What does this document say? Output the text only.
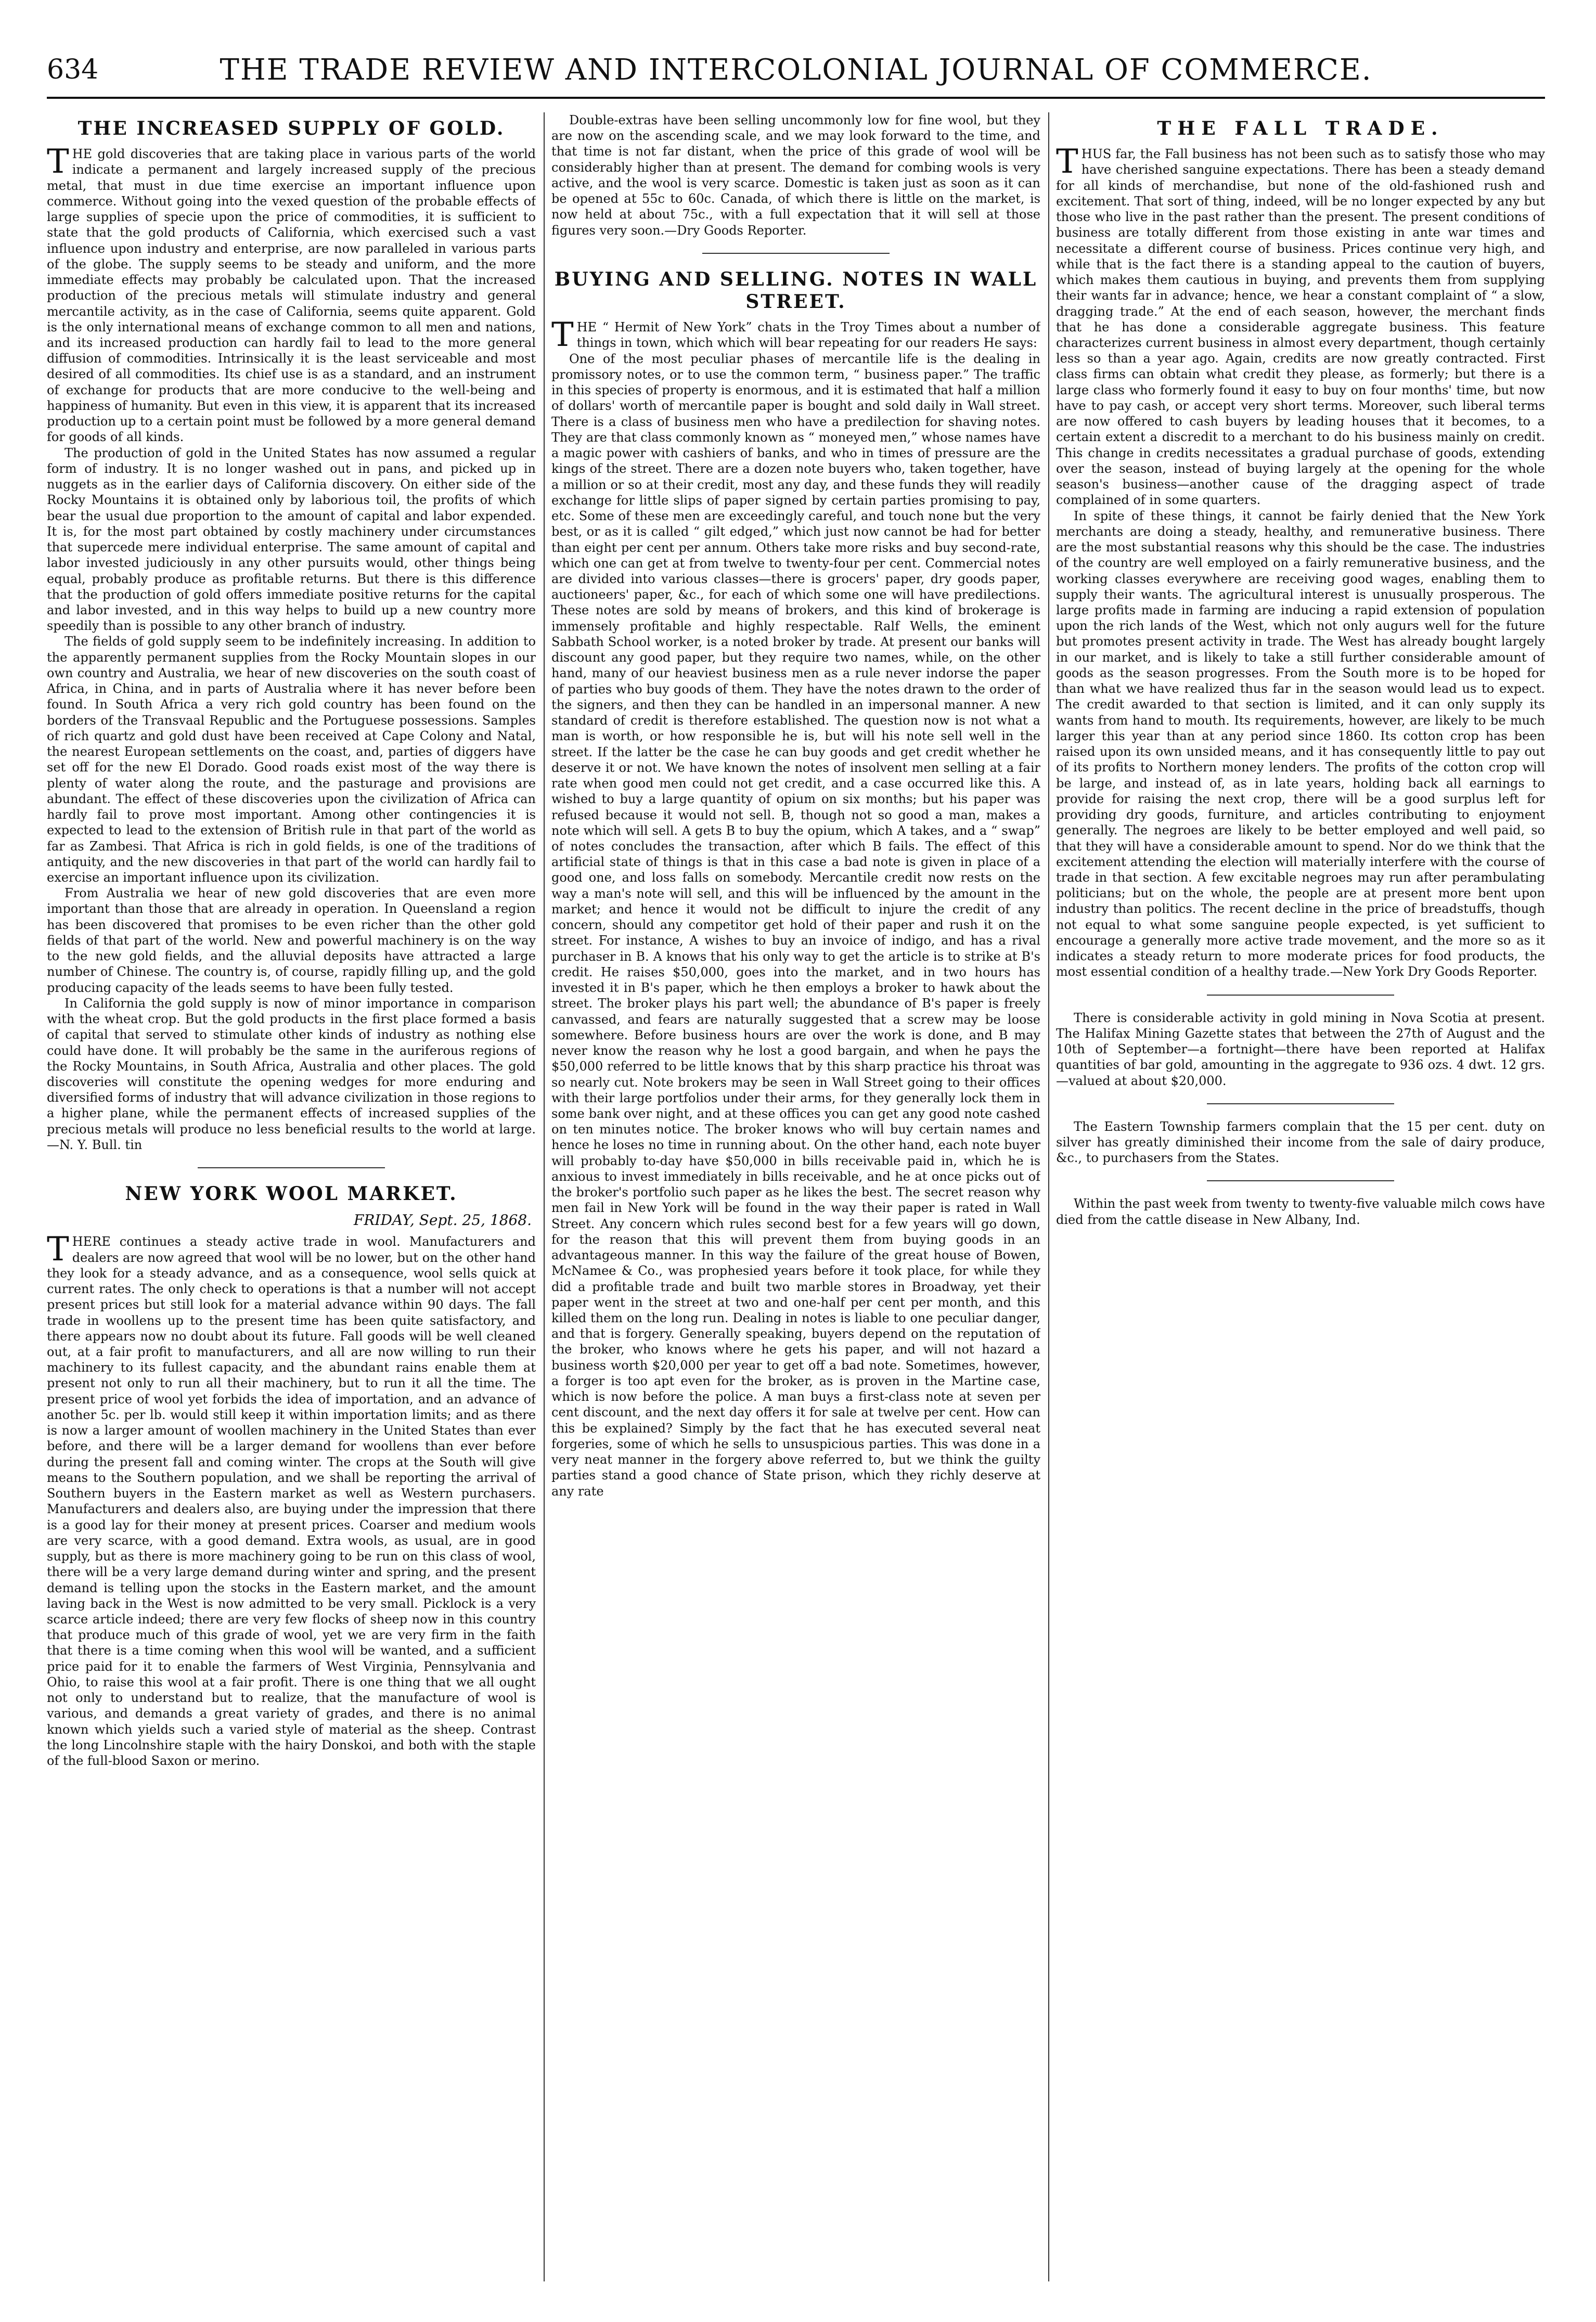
634	THE TRADE REVIEW AND INTERCOLONIAL JOURNAL OF COMMERCE.
THE INCREASED SUPPLY OF GOLD.

THE gold discoveries that are taking place in various parts of the world indicate a permanent and largely increased supply of the precious metal, that must in due time exercise an important influence upon commerce. Without going into the vexed question of the probable effects of large supplies of specie upon the price of commodities, it is sufficient to state that the gold products of California, which exercised such a vast influence upon industry and enterprise, are now paralleled in various parts of the globe. The supply seems to be steady and uniform, and the more immediate effects may probably be calculated upon. That the increased production of the precious metals will stimulate industry and general mercantile activity, as in the case of California, seems quite apparent. Gold is the only international means of exchange common to all men and nations, and its increased production can hardly fail to lead to the more general diffusion of commodities. Intrinsically it is the least serviceable and most desired of all commodities. Its chief use is as a standard, and an instrument of exchange for products that are more conducive to the well-being and happiness of humanity. But even in this view, it is apparent that its increased production up to a certain point must be followed by a more general demand for goods of all kinds.

The production of gold in the United States has now assumed a regular form of industry. It is no longer washed out in pans, and picked up in nuggets as in the earlier days of California discovery. On either side of the Rocky Mountains it is obtained only by laborious toil, the profits of which bear the usual due proportion to the amount of capital and labor expended. It is, for the most part obtained by costly machinery under circumstances that supercede mere individual enterprise. The same amount of capital and labor invested judiciously in any other pursuits would, other things being equal, probably produce as profitable returns. But there is this difference that the production of gold offers immediate positive returns for the capital and labor invested, and in this way helps to build up a new country more speedily than is possible to any other branch of industry.

The fields of gold supply seem to be indefinitely increasing. In addition to the apparently permanent supplies from the Rocky Mountain slopes in our own country and Australia, we hear of new discoveries on the south coast of Africa, in China, and in parts of Australia where it has never before been found. In South Africa a very rich gold country has been found on the borders of the Transvaal Republic and the Portuguese possessions. Samples of rich quartz and gold dust have been received at Cape Colony and Natal, the nearest European settlements on the coast, and, parties of diggers have set off for the new El Dorado. Good roads exist most of the way there is plenty of water along the route, and the pasturage and provisions are abundant. The effect of these discoveries upon the civilization of Africa can hardly fail to prove most important. Among other contingencies it is expected to lead to the extension of British rule in that part of the world as far as Zambesi. That Africa is rich in gold fields, is one of the traditions of antiquity, and the new discoveries in that part of the world can hardly fail to exercise an important influence upon its civilization.

From Australia we hear of new gold discoveries that are even more important than those that are already in operation. In Queensland a region has been discovered that promises to be even richer than the other gold fields of that part of the world. New and powerful machinery is on the way to the new gold fields, and the alluvial deposits have attracted a large number of Chinese. The country is, of course, rapidly filling up, and the gold producing capacity of the leads seems to have been fully tested.

In California the gold supply is now of minor importance in comparison with the wheat crop. But the gold products in the first place formed a basis of capital that served to stimulate other kinds of industry as nothing else could have done. It will probably be the same in the auriferous regions of the Rocky Mountains, in South Africa, Australia and other places. The gold discoveries will constitute the opening wedges for more enduring and diversified forms of industry that will advance civilization in those regions to a higher plane, while the permanent effects of increased supplies of the precious metals will produce no less beneficial results to the world at large.—N. Y. Bull. tin

NEW YORK WOOL MARKET.
FRIDAY, Sept. 25, 1868.

THERE continues a steady active trade in wool. Manufacturers and dealers are now agreed that wool will be no lower, but on the other hand they look for a steady advance, and as a consequence, wool sells quick at current rates. The only check to operations is that a number will not accept present prices but still look for a material advance within 90 days. The fall trade in woollens up to the present time has been quite satisfactory, and there appears now no doubt about its future. Fall goods will be well cleaned out, at a fair profit to manufacturers, and all are now willing to run their machinery to its fullest capacity, and the abundant rains enable them at present not only to run all their machinery, but to run it all the time. The present price of wool yet forbids the idea of importation, and an advance of another 5c. per lb. would still keep it within importation limits; and as there is now a larger amount of woollen machinery in the United States than ever before, and there will be a larger demand for woollens than ever before during the present fall and coming winter. The crops at the South will give means to the Southern population, and we shall be reporting the arrival of Southern buyers in the Eastern market as well as Western purchasers. Manufacturers and dealers also, are buying under the impression that there is a good lay for their money at present prices. Coarser and medium wools are very scarce, with a good demand. Extra wools, as usual, are in good supply, but as there is more machinery going to be run on this class of wool, there will be a very large demand during winter and spring, and the present demand is telling upon the stocks in the Eastern market, and the amount laving back in the West is now admitted to be very small. Picklock is a very scarce article indeed; there are very few flocks of sheep now in this country that produce much of this grade of wool, yet we are very firm in the faith that there is a time coming when this wool will be wanted, and a sufficient price paid for it to enable the farmers of West Virginia, Pennsylvania and Ohio, to raise this wool at a fair profit. There is one thing that we all ought not only to understand but to realize, that the manufacture of wool is various, and demands a great variety of grades, and there is no animal known which yields such a varied style of material as the sheep. Contrast the long Lincolnshire staple with the hairy Donskoi, and both with the staple of the full-blood Saxon or merino.

Double-extras have been selling uncommonly low for fine wool, but they are now on the ascending scale, and we may look forward to the time, and that time is not far distant, when the price of this grade of wool will be considerably higher than at present. The demand for combing wools is very active, and the wool is very scarce. Domestic is taken just as soon as it can be opened at 55c to 60c. Canada, of which there is little on the market, is now held at about 75c., with a full expectation that it will sell at those figures very soon.—Dry Goods Reporter.

BUYING AND SELLING. NOTES IN WALL STREET.

THE “ Hermit of New York” chats in the Troy Times about a number of things in town, which which will bear repeating for our readers He says:

One of the most peculiar phases of mercantile life is the dealing in promissory notes, or to use the common term, “ business paper.” The traffic in this species of property is enormous, and it is estimated that half a million of dollars' worth of mercantile paper is bought and sold daily in Wall street. There is a class of business men who have a predilection for shaving notes. They are that class commonly known as “ moneyed men,” whose names have a magic power with cashiers of banks, and who in times of pressure are the kings of the street. There are a dozen note buyers who, taken together, have a million or so at their credit, most any day, and these funds they will readily exchange for little slips of paper signed by certain parties promising to pay, etc. Some of these men are exceedingly careful, and touch none but the very best, or as it is called “ gilt edged,” which just now cannot be had for better than eight per cent per annum. Others take more risks and buy second-rate, which one can get at from twelve to twenty-four per cent. Commercial notes are divided into various classes—there is grocers' paper, dry goods paper, auctioneers' paper, &c., for each of which some one will have predilections. These notes are sold by means of brokers, and this kind of brokerage is immensely profitable and highly respectable. Ralf Wells, the eminent Sabbath School worker, is a noted broker by trade. At present our banks will discount any good paper, but they require two names, while, on the other hand, many of our heaviest business men as a rule never indorse the paper of parties who buy goods of them. They have the notes drawn to the order of the signers, and then they can be handled in an impersonal manner. A new standard of credit is therefore established. The question now is not what a man is worth, or how responsible he is, but will his note sell well in the street. If the latter be the case he can buy goods and get credit whether he deserve it or not. We have known the notes of insolvent men selling at a fair rate when good men could not get credit, and a case occurred like this. A wished to buy a large quantity of opium on six months; but his paper was refused because it would not sell. B, though not so good a man, makes a note which will sell. A gets B to buy the opium, which A takes, and a “ swap” of notes concludes the transaction, after which B fails. The effect of this artificial state of things is that in this case a bad note is given in place of a good one, and loss falls on somebody. Mercantile credit now rests on the way a man's note will sell, and this will be influenced by the amount in the market; and hence it would not be difficult to injure the credit of any concern, should any competitor get hold of their paper and rush it on the street. For instance, A wishes to buy an invoice of indigo, and has a rival purchaser in B. A knows that his only way to get the article is to strike at B's credit. He raises $50,000, goes into the market, and in two hours has invested it in B's paper, which he then employs a broker to hawk about the street. The broker plays his part well; the abundance of B's paper is freely canvassed, and fears are naturally suggested that a screw may be loose somewhere. Before business hours are over the work is done, and B may never know the reason why he lost a good bargain, and when he pays the $50,000 referred to be little knows that by this sharp practice his throat was so nearly cut. Note brokers may be seen in Wall Street going to their offices with their large portfolios under their arms, for they generally lock them in some bank over night, and at these offices you can get any good note cashed on ten minutes notice. The broker knows who will buy certain names and hence he loses no time in running about. On the other hand, each note buyer will probably to-day have $50,000 in bills receivable paid in, which he is anxious to invest immediately in bills receivable, and he at once picks out of the broker's portfolio such paper as he likes the best. The secret reason why men fail in New York will be found in the way their paper is rated in Wall Street. Any concern which rules second best for a few years will go down, for the reason that this will prevent them from buying goods in an advantageous manner. In this way the failure of the great house of Bowen, McNamee & Co., was prophesied years before it took place, for while they did a profitable trade and built two marble stores in Broadway, yet their paper went in the street at two and one-half per cent per month, and this killed them on the long run. Dealing in notes is liable to one peculiar danger, and that is forgery. Generally speaking, buyers depend on the reputation of the broker, who knows where he gets his paper, and will not hazard a business worth $20,000 per year to get off a bad note. Sometimes, however, a forger is too apt even for the broker, as is proven in the Martine case, which is now before the police. A man buys a first-class note at seven per cent discount, and the next day offers it for sale at twelve per cent. How can this be explained? Simply by the fact that he has executed several neat forgeries, some of which he sells to unsuspicious parties. This was done in a very neat manner in the forgery above referred to, but we think the guilty parties stand a good chance of State prison, which they richly deserve at any rate

THE FALL TRADE.

THUS far, the Fall business has not been such as to satisfy those who may have cherished sanguine expectations. There has been a steady demand for all kinds of merchandise, but none of the old-fashioned rush and excitement. That sort of thing, indeed, will be no longer expected by any but those who live in the past rather than the present. The present conditions of business are totally different from those existing in ante war times and necessitate a different course of business. Prices continue very high, and while that is the fact there is a standing appeal to the caution of buyers, which makes them cautious in buying, and prevents them from supplying their wants far in advance; hence, we hear a constant complaint of “ a slow, dragging trade.” At the end of each season, however, the merchant finds that he has done a considerable aggregate business. This feature characterizes current business in almost every department, though certainly less so than a year ago. Again, credits are now greatly contracted. First class firms can obtain what credit they please, as formerly; but there is a large class who formerly found it easy to buy on four months' time, but now have to pay cash, or accept very short terms. Moreover, such liberal terms are now offered to cash buyers by leading houses that it becomes, to a certain extent a discredit to a merchant to do his business mainly on credit. This change in credits necessitates a gradual purchase of goods, extending over the season, instead of buying largely at the opening for the whole season's business—another cause of the dragging aspect of trade complained of in some quarters.

In spite of these things, it cannot be fairly denied that the New York merchants are doing a steady, healthy, and remunerative business. There are the most substantial reasons why this should be the case. The industries of the country are well employed on a fairly remunerative business, and the working classes everywhere are receiving good wages, enabling them to supply their wants. The agricultural interest is unusually prosperous. The large profits made in farming are inducing a rapid extension of population upon the rich lands of the West, which not only augurs well for the future but promotes present activity in trade. The West has already bought largely in our market, and is likely to take a still further considerable amount of goods as the season progresses. From the South more is to be hoped for than what we have realized thus far in the season would lead us to expect. The credit awarded to that section is limited, and it can only supply its wants from hand to mouth. Its requirements, however, are likely to be much larger this year than at any period since 1860. Its cotton crop has been raised upon its own unsided means, and it has consequently little to pay out of its profits to Northern money lenders. The profits of the cotton crop will be large, and instead of, as in late years, holding back all earnings to provide for raising the next crop, there will be a good surplus left for providing dry goods, furniture, and articles contributing to enjoyment generally. The negroes are likely to be better employed and well paid, so that they will have a considerable amount to spend. Nor do we think that the excitement attending the election will materially interfere with the course of trade in that section. A few excitable negroes may run after perambulating politicians; but on the whole, the people are at present more bent upon industry than politics. The recent decline in the price of breadstuffs, though not equal to what some sanguine people expected, is yet sufficient to encourage a generally more active trade movement, and the more so as it indicates a steady return to more moderate prices for food products, the most essential condition of a healthy trade.—New York Dry Goods Reporter.

There is considerable activity in gold mining in Nova Scotia at present. The Halifax Mining Gazette states that between the 27th of August and the 10th of September—a fortnight—there have been reported at Halifax quantities of bar gold, amounting in the aggregate to 936 ozs. 4 dwt. 12 grs.—valued at about $20,000.

The Eastern Township farmers complain that the 15 per cent. duty on silver has greatly diminished their income from the sale of dairy produce, &c., to purchasers from the States.

Within the past week from twenty to twenty-five valuable milch cows have died from the cattle disease in New Albany, Ind.
